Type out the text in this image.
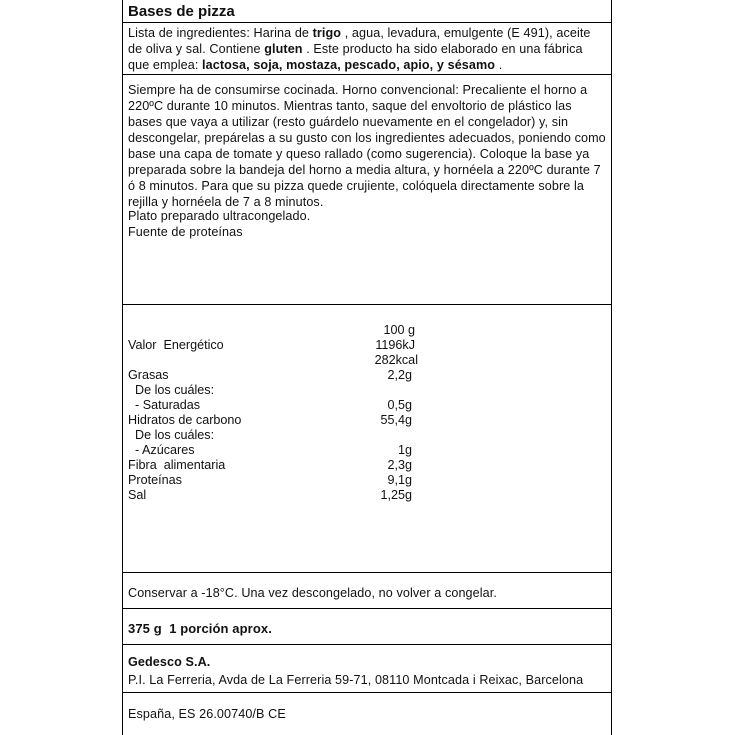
Bases de pizza

Lista de ingredientes: Harina de trigo , agua, levadura, emulgente (E 491), aceite de oliva y sal. Contiene gluten . Este producto ha sido elaborado en una fábrica que emplea: lactosa, soja, mostaza, pescado, apio, y sésamo .

Siempre ha de consumirse cocinada. Horno convencional: Precaliente el horno a 220ºC durante 10 minutos. Mientras tanto, saque del envoltorio de plástico las bases que vaya a utilizar (resto guárdelo nuevamente en el congelador) y, sin descongelar, prepárelas a su gusto con los ingredientes adecuados, poniendo como base una capa de tomate y queso rallado (como sugerencia). Coloque la base ya preparada sobre la bandeja del horno a media altura, y hornéela a 220ºC durante 7 ó 8 minutos. Para que su pizza quede crujiente, colóquela directamente sobre la rejilla y hornéela de 7 a 8 minutos.

Plato preparado ultracongelado.

Fuente de proteínas

100 g
Valor  Energético	1196kJ
282kcal
Grasas	2,2g
De los cuáles:
- Saturadas	0,5g
Hidratos de carbono	55,4g
De los cuáles:
- Azúcares	1g
Fibra  alimentaria	2,3g
Proteínas	9,1g
Sal	1,25g

Conservar a -18°C. Una vez descongelado, no volver a congelar.

375 g 1 porción aprox.

Gedesco S.A.

P.I. La Ferreria, Avda de La Ferreria 59-71, 08110 Montcada i Reixac, Barcelona

España, ES 26.00740/B CE
